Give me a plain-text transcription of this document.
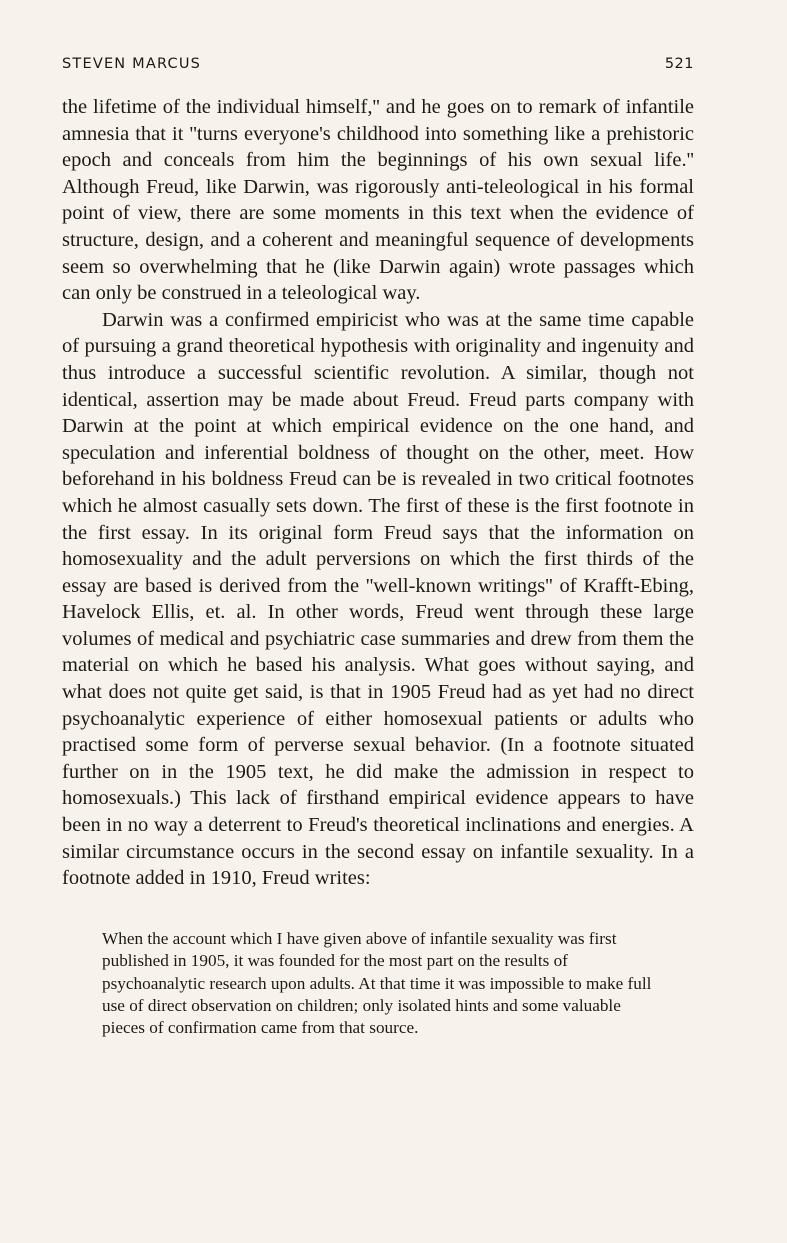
STEVEN MARCUS	521

the lifetime of the individual himself,'' and he goes on to remark of infantile amnesia that it ''turns everyone's childhood into something like a prehistoric epoch and conceals from him the beginnings of his own sexual life.'' Although Freud, like Darwin, was rigorously anti-teleological in his formal point of view, there are some moments in this text when the evidence of structure, design, and a coherent and meaningful sequence of developments seem so overwhelming that he (like Darwin again) wrote passages which can only be construed in a teleological way.

Darwin was a confirmed empiricist who was at the same time capable of pursuing a grand theoretical hypothesis with originality and ingenuity and thus introduce a successful scientific revolution. A similar, though not identical, assertion may be made about Freud. Freud parts company with Darwin at the point at which empirical evidence on the one hand, and speculation and inferential boldness of thought on the other, meet. How beforehand in his boldness Freud can be is revealed in two critical footnotes which he almost casually sets down. The first of these is the first footnote in the first essay. In its original form Freud says that the information on homosexuality and the adult perversions on which the first thirds of the essay are based is derived from the ''well-known writings'' of Krafft-Ebing, Havelock Ellis, et. al. In other words, Freud went through these large volumes of medical and psychiatric case summaries and drew from them the material on which he based his analysis. What goes without saying, and what does not quite get said, is that in 1905 Freud had as yet had no direct psychoanalytic experience of either homosexual patients or adults who practised some form of perverse sexual behavior. (In a footnote situated further on in the 1905 text, he did make the admission in respect to homosexuals.) This lack of firsthand empirical evidence appears to have been in no way a deterrent to Freud's theoretical inclinations and energies. A similar circumstance occurs in the second essay on infantile sexuality. In a footnote added in 1910, Freud writes:

When the account which I have given above of infantile sexuality was first published in 1905, it was founded for the most part on the results of psychoanalytic research upon adults. At that time it was impossible to make full use of direct observation on children; only isolated hints and some valuable pieces of confirmation came from that source.
